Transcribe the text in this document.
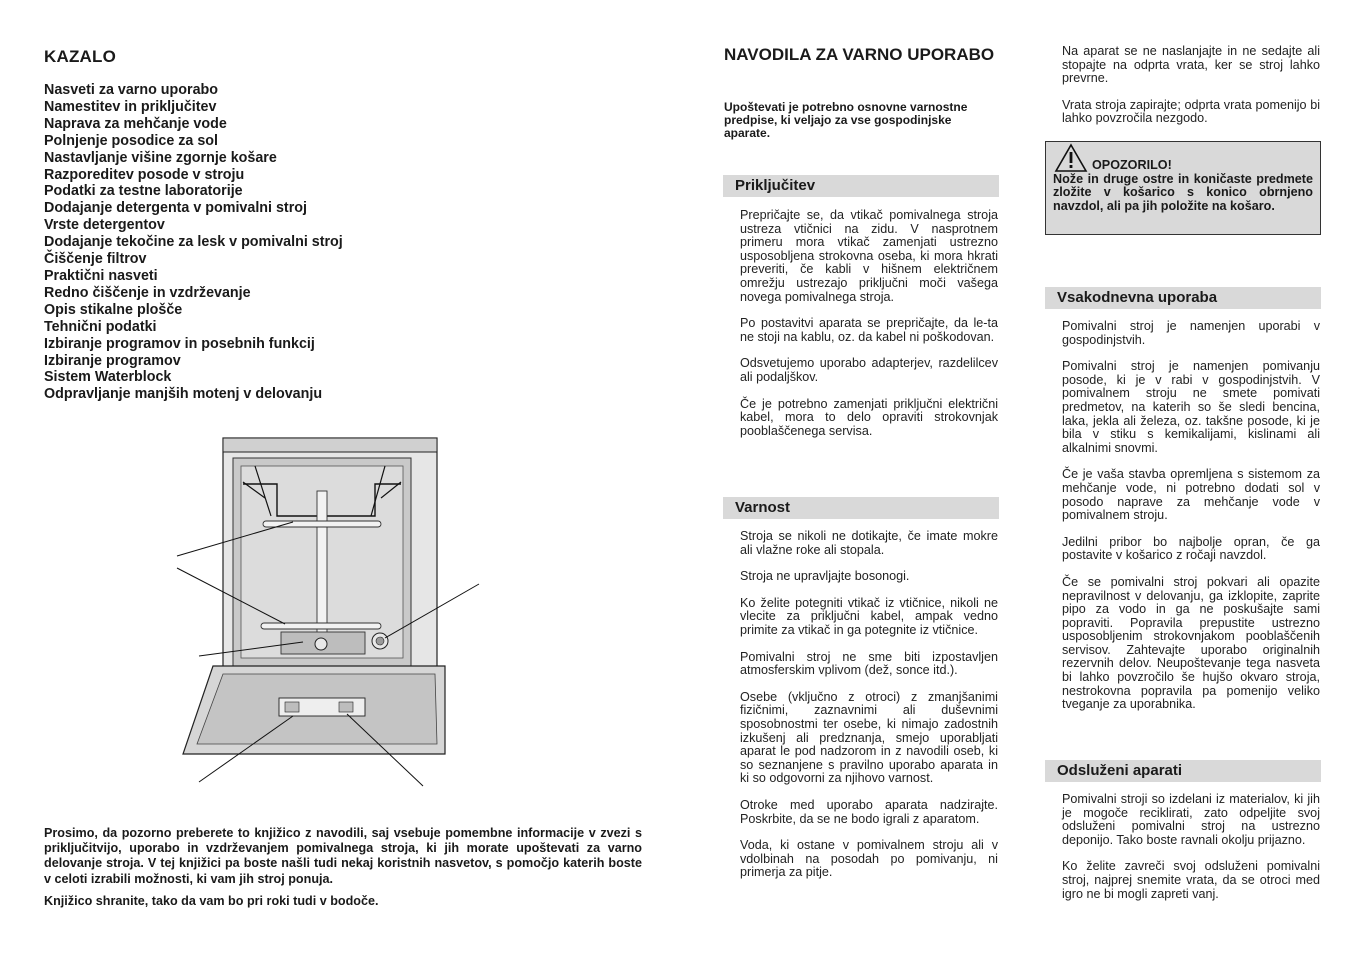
KAZALO
Nasveti za varno uporabo
Namestitev in priključitev
Naprava za mehčanje vode
Polnjenje posodice za sol
Nastavljanje višine zgornje košare
Razporeditev posode v stroju
Podatki za testne laboratorije
Dodajanje detergenta v pomivalni stroj
Vrste detergentov
Dodajanje tekočine za lesk v pomivalni stroj
Čiščenje filtrov
Praktični nasveti
Redno čiščenje in vzdrževanje
Opis stikalne plošče
Tehnični podatki
Izbiranje programov in posebnih funkcij
Izbiranje programov
Sistem Waterblock
Odpravljanje manjših motenj v delovanju

Prosimo, da pozorno preberete to knjižico z navodili, saj vsebuje pomembne informacije v zvezi s priključitvijo, uporabo in vzdrževanjem pomivalnega stroja, ki jih morate upoštevati za varno delovanje stroja. V tej knjižici pa boste našli tudi nekaj koristnih nasvetov, s pomočjo katerih boste v celoti izrabili možnosti, ki vam jih stroj ponuja.

Knjižico shranite, tako da vam bo pri roki tudi v bodoče.

NAVODILA ZA VARNO UPORABO

Upoštevati je potrebno osnovne varnostne predpise, ki veljajo za vse gospodinjske aparate.

Priključitev

Prepričajte se, da vtikač pomivalnega stroja ustreza vtičnici na zidu. V nasprotnem primeru mora vtikač zamenjati ustrezno usposobljena strokovna oseba, ki mora hkrati preveriti, če kabli v hišnem električnem omrežju ustrezajo priključni moči vašega novega pomivalnega stroja.

Po postavitvi aparata se prepričajte, da le-ta ne stoji na kablu, oz. da kabel ni poškodovan.

Odsvetujemo uporabo adapterjev, razdelilcev ali podaljškov.

Če je potrebno zamenjati priključni električni kabel, mora to delo opraviti strokovnjak pooblaščenega servisa.

Varnost

Stroja se nikoli ne dotikajte, če imate mokre ali vlažne roke ali stopala.

Stroja ne upravljajte bosonogi.

Ko želite potegniti vtikač iz vtičnice, nikoli ne vlecite za priključni kabel, ampak vedno primite za vtikač in ga potegnite iz vtičnice.

Pomivalni stroj ne sme biti izpostavljen atmosferskim vplivom (dež, sonce itd.).

Osebe (vključno z otroci) z zmanjšanimi fizičnimi, zaznavnimi ali duševnimi sposobnostmi ter osebe, ki nimajo zadostnih izkušenj ali predznanja, smejo uporabljati aparat le pod nadzorom in z navodili oseb, ki so seznanjene s pravilno uporabo aparata in ki so odgovorni za njihovo varnost.

Otroke med uporabo aparata nadzirajte. Poskrbite, da se ne bodo igrali z aparatom.

Voda, ki ostane v pomivalnem stroju ali v vdolbinah na posodah po pomivanju, ni primerja za pitje.

Na aparat se ne naslanjajte in ne sedajte ali stopajte na odprta vrata, ker se stroj lahko prevrne.

Vrata stroja zapirajte; odprta vrata pomenijo bi lahko povzročila nezgodo.

OPOZORILO!

Nože in druge ostre in koničaste predmete zložite v košarico s konico obrnjeno navzdol, ali pa jih položite na košaro.

Vsakodnevna uporaba

Pomivalni stroj je namenjen uporabi v gospodinjstvih.

Pomivalni stroj je namenjen pomivanju posode, ki je v rabi v gospodinjstvih. V pomivalnem stroju ne smete pomivati predmetov, na katerih so še sledi bencina, laka, jekla ali železa, oz. takšne posode, ki je bila v stiku s kemikalijami, kislinami ali alkalnimi snovmi.

Če je vaša stavba opremljena s sistemom za mehčanje vode, ni potrebno dodati sol v posodo naprave za mehčanje vode v pomivalnem stroju.

Jedilni pribor bo najbolje opran, če ga postavite v košarico z ročaji navzdol.

Če se pomivalni stroj pokvari ali opazite nepravilnost v delovanju, ga izklopite, zaprite pipo za vodo in ga ne poskušajte sami popraviti. Popravila prepustite ustrezno usposobljenim strokovnjakom pooblaščenih servisov. Zahtevajte uporabo originalnih rezervnih delov. Neupoštevanje tega nasveta bi lahko povzročilo še hujšo okvaro stroja, nestrokovna popravila pa pomenijo veliko tveganje za uporabnika.

Odsluženi aparati

Pomivalni stroji so izdelani iz materialov, ki jih je mogoče reciklirati, zato odpeljite svoj odsluženi pomivalni stroj na ustrezno deponijo. Tako boste ravnali okolju prijazno.

Ko želite zavreči svoj odsluženi pomivalni stroj, najprej snemite vrata, da se otroci med igro ne bi mogli zapreti vanj.
